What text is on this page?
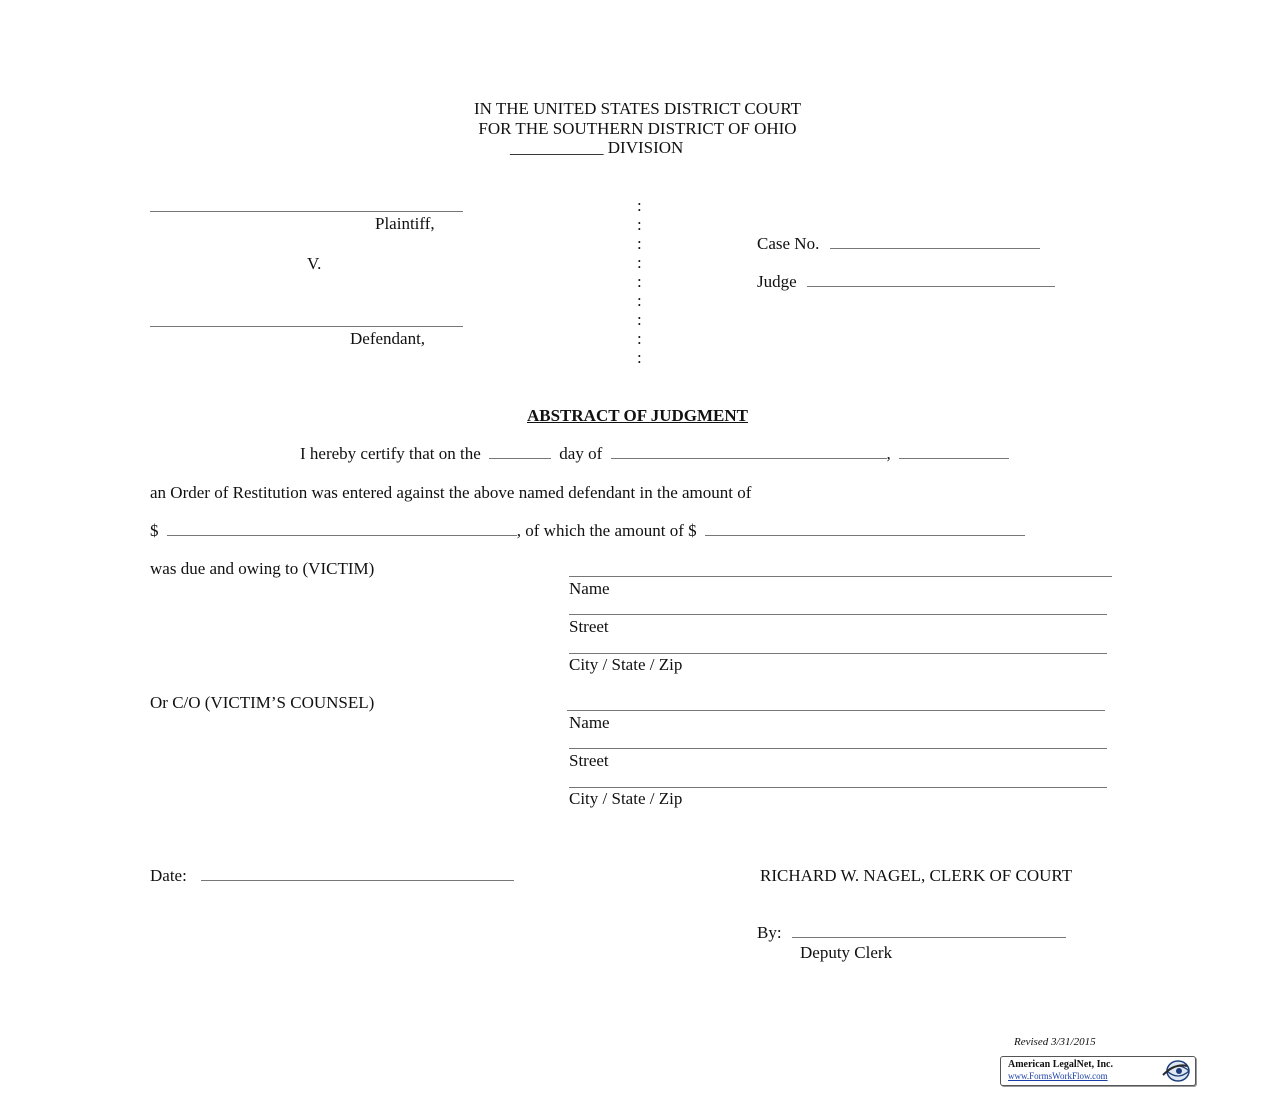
IN THE UNITED STATES DISTRICT COURT
FOR THE SOUTHERN DISTRICT OF OHIO
___________ DIVISION
Plaintiff,
V.
Defendant,
:
:
:
:
:
:
:
:
:
Case No.
Judge
ABSTRACT OF JUDGMENT
I hereby certify that on the	day of	,
an Order of Restitution was entered against the above named defendant in the amount of
$	, of which the amount of $
was due and owing to (VICTIM)
Name
Street
City / State / Zip
Or C/O (VICTIM’S COUNSEL)
Name
Street
City / State / Zip
Date:	RICHARD W. NAGEL, CLERK OF COURT
By:
Deputy Clerk
Revised 3/31/2015
American LegalNet, Inc.
www.FormsWorkFlow.com
